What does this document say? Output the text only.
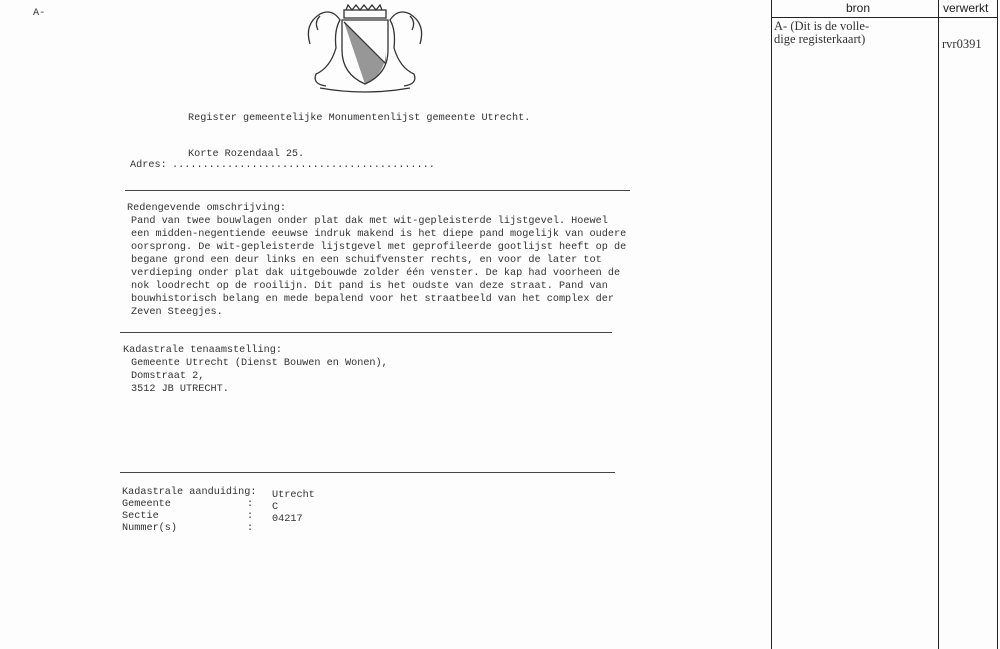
A-
Register gemeentelijke Monumentenlijst gemeente Utrecht.
Korte Rozendaal 25.
Adres: ...........................................
Redengevende omschrijving:
Pand van twee bouwlagen onder plat dak met wit-gepleisterde lijstgevel. Hoewel
een midden-negentiende eeuwse indruk makend is het diepe pand mogelijk van oudere
oorsprong. De wit-gepleisterde lijstgevel met geprofileerde gootlijst heeft op de
begane grond een deur links en een schuifvenster rechts, en voor de later tot
verdieping onder plat dak uitgebouwde zolder één venster. De kap had voorheen de
nok loodrecht op de rooilijn. Dit pand is het oudste van deze straat. Pand van
bouwhistorisch belang en mede bepalend voor het straatbeeld van het complex der
Zeven Steegjes.
Kadastrale tenaamstelling:
Gemeente Utrecht (Dienst Bouwen en Wonen),
Domstraat 2,
3512 JB UTRECHT.
Kadastrale aanduiding:
Gemeente
Sectie
Nummer(s)
:
:
:
Utrecht
C
04217
bron	verwerkt
A- (Dit is de volle-
dige registerkaart)	rvr0391
